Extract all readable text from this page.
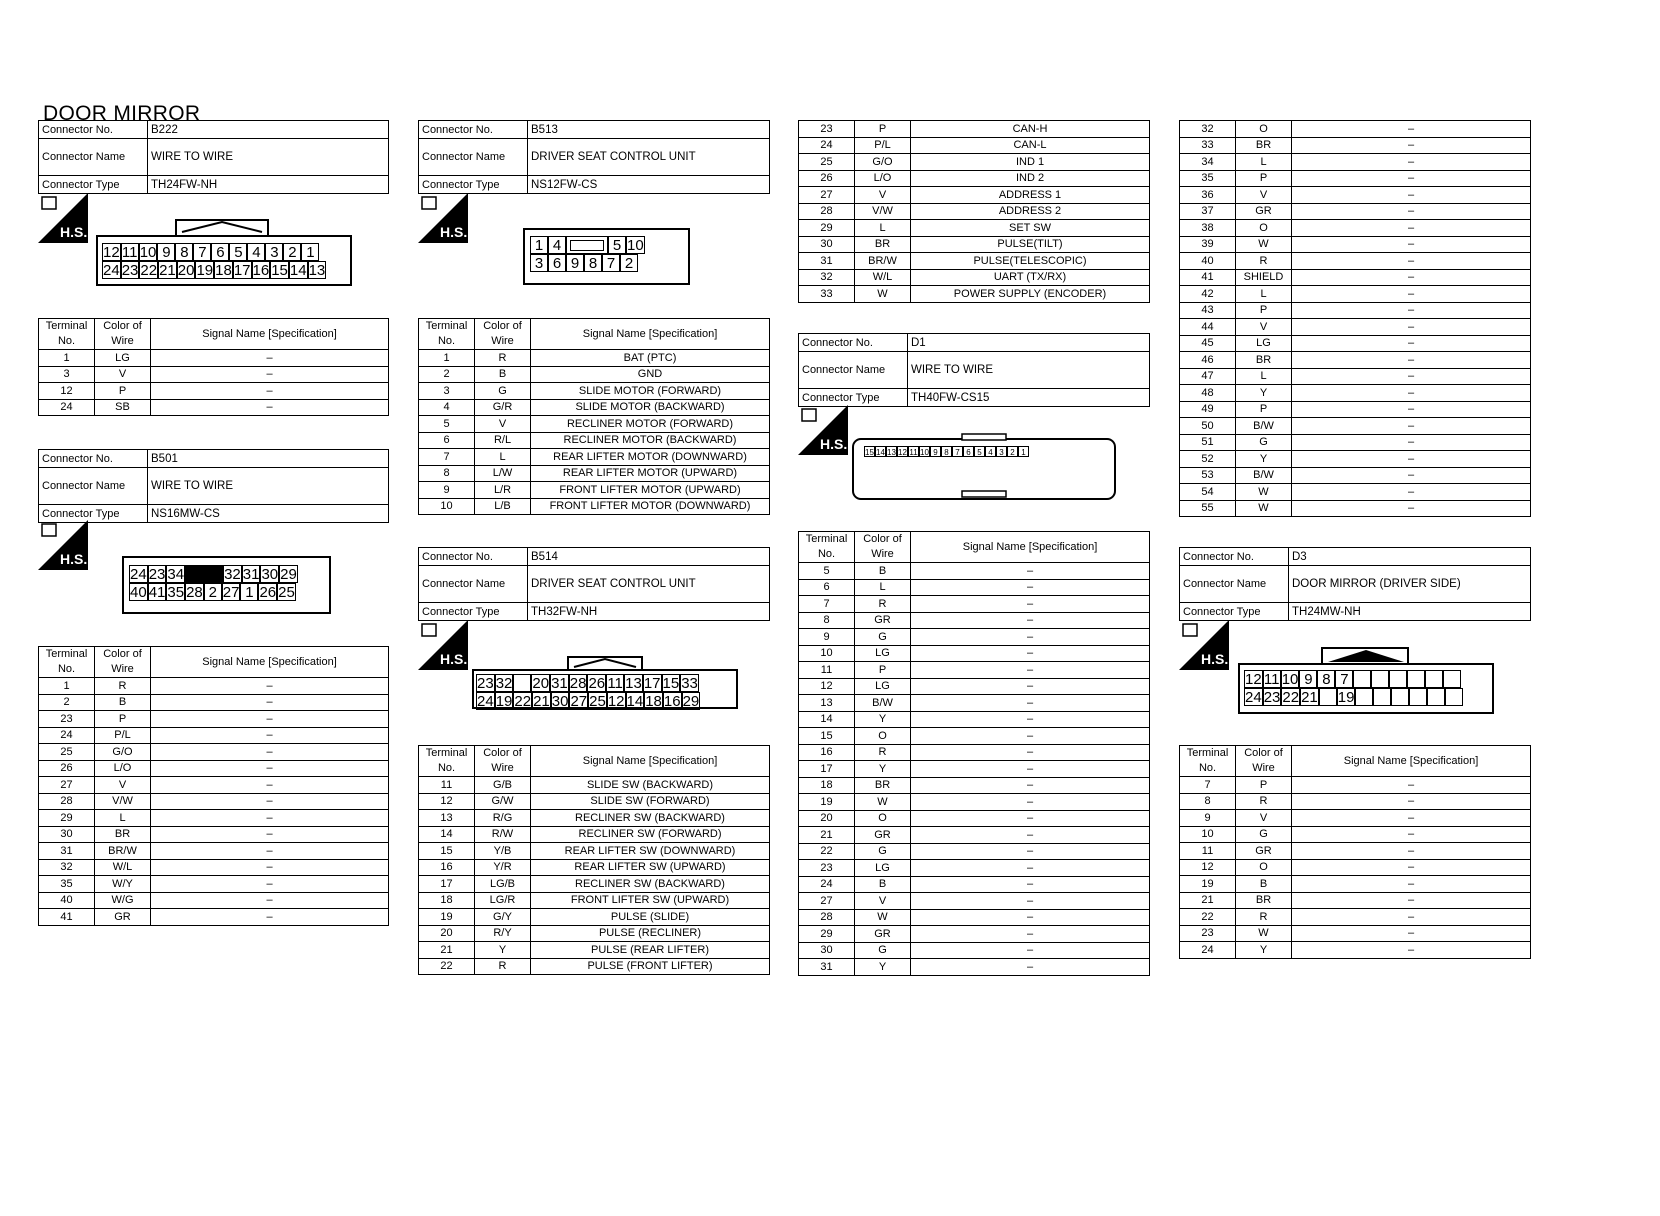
DOOR MIRROR
Connector No.	B222
Connector Name	WIRE TO WIRE
Connector Type	TH24FW-NH
H.S.
12 11 10 9 8 7 6 5 4 3 2 1
24 23 22 21 20 19 18 17 16 15 14 13
Terminal No.	Color of Wire	Signal Name [Specification]
1	LG	–
3	V	–
12	P	–
24	SB	–
Connector No.	B501
Connector Name	WIRE TO WIRE
Connector Type	NS16MW-CS
H.S.
24 23 34	32 31 30 29
40 41 35 28 2 27 1 26 25
Terminal No.	Color of Wire	Signal Name [Specification]
1	R	–
2	B	–
23	P	–
24	P/L	–
25	G/O	–
26	L/O	–
27	V	–
28	V/W	–
29	L	–
30	BR	–
31	BR/W	–
32	W/L	–
35	W/Y	–
40	W/G	–
41	GR	–
Connector No.	B513
Connector Name	DRIVER SEAT CONTROL UNIT
Connector Type	NS12FW-CS
H.S.
1 4	5 10
3 6 9 8 7 2
Terminal No.	Color of Wire	Signal Name [Specification]
1	R	BAT (PTC)
2	B	GND
3	G	SLIDE MOTOR (FORWARD)
4	G/R	SLIDE MOTOR (BACKWARD)
5	V	RECLINER MOTOR (FORWARD)
6	R/L	RECLINER MOTOR (BACKWARD)
7	L	REAR LIFTER MOTOR (DOWNWARD)
8	L/W	REAR LIFTER MOTOR (UPWARD)
9	L/R	FRONT LIFTER MOTOR (UPWARD)
10	L/B	FRONT LIFTER MOTOR (DOWNWARD)
Connector No.	B514
Connector Name	DRIVER SEAT CONTROL UNIT
Connector Type	TH32FW-NH
H.S.
23 32 20 31 28 26 11 13 17 15 33
24 19 22 21 30 27 25 12 14 18 16 29
Terminal No.	Color of Wire	Signal Name [Specification]
11	G/B	SLIDE SW (BACKWARD)
12	G/W	SLIDE SW (FORWARD)
13	R/G	RECLINER SW (BACKWARD)
14	R/W	RECLINER SW (FORWARD)
15	Y/B	REAR LIFTER SW (DOWNWARD)
16	Y/R	REAR LIFTER SW (UPWARD)
17	LG/B	RECLINER SW (BACKWARD)
18	LG/R	FRONT LIFTER SW (UPWARD)
19	G/Y	PULSE (SLIDE)
20	R/Y	PULSE (RECLINER)
21	Y	PULSE (REAR LIFTER)
22	R	PULSE (FRONT LIFTER)
23	P	CAN-H
24	P/L	CAN-L
25	G/O	IND 1
26	L/O	IND 2
27	V	ADDRESS 1
28	V/W	ADDRESS 2
29	L	SET SW
30	BR	PULSE(TILT)
31	BR/W	PULSE(TELESCOPIC)
32	W/L	UART (TX/RX)
33	W	POWER SUPPLY (ENCODER)
Connector No.	D1
Connector Name	WIRE TO WIRE
Connector Type	TH40FW-CS15
H.S.
15 14 13 12 11 10 9 8 7 6 5 4 3 2 1
Terminal No.	Color of Wire	Signal Name [Specification]
5	B	–
6	L	–
7	R	–
8	GR	–
9	G	–
10	LG	–
11	P	–
12	LG	–
13	B/W	–
14	Y	–
15	O	–
16	R	–
17	Y	–
18	BR	–
19	W	–
20	O	–
21	GR	–
22	G	–
23	LG	–
24	B	–
27	V	–
28	W	–
29	GR	–
30	G	–
31	Y	–
32	O	–
33	BR	–
34	L	–
35	P	–
36	V	–
37	GR	–
38	O	–
39	W	–
40	R	–
41	SHIELD	–
42	L	–
43	P	–
44	V	–
45	LG	–
46	BR	–
47	L	–
48	Y	–
49	P	–
50	B/W	–
51	G	–
52	Y	–
53	B/W	–
54	W	–
55	W	–
Connector No.	D3
Connector Name	DOOR MIRROR (DRIVER SIDE)
Connector Type	TH24MW-NH
H.S.
12 11 10 9 8 7
24 23 22 21 19
Terminal No.	Color of Wire	Signal Name [Specification]
7	P	–
8	R	–
9	V	–
10	G	–
11	GR	–
12	O	–
19	B	–
21	BR	–
22	R	–
23	W	–
24	Y	–
